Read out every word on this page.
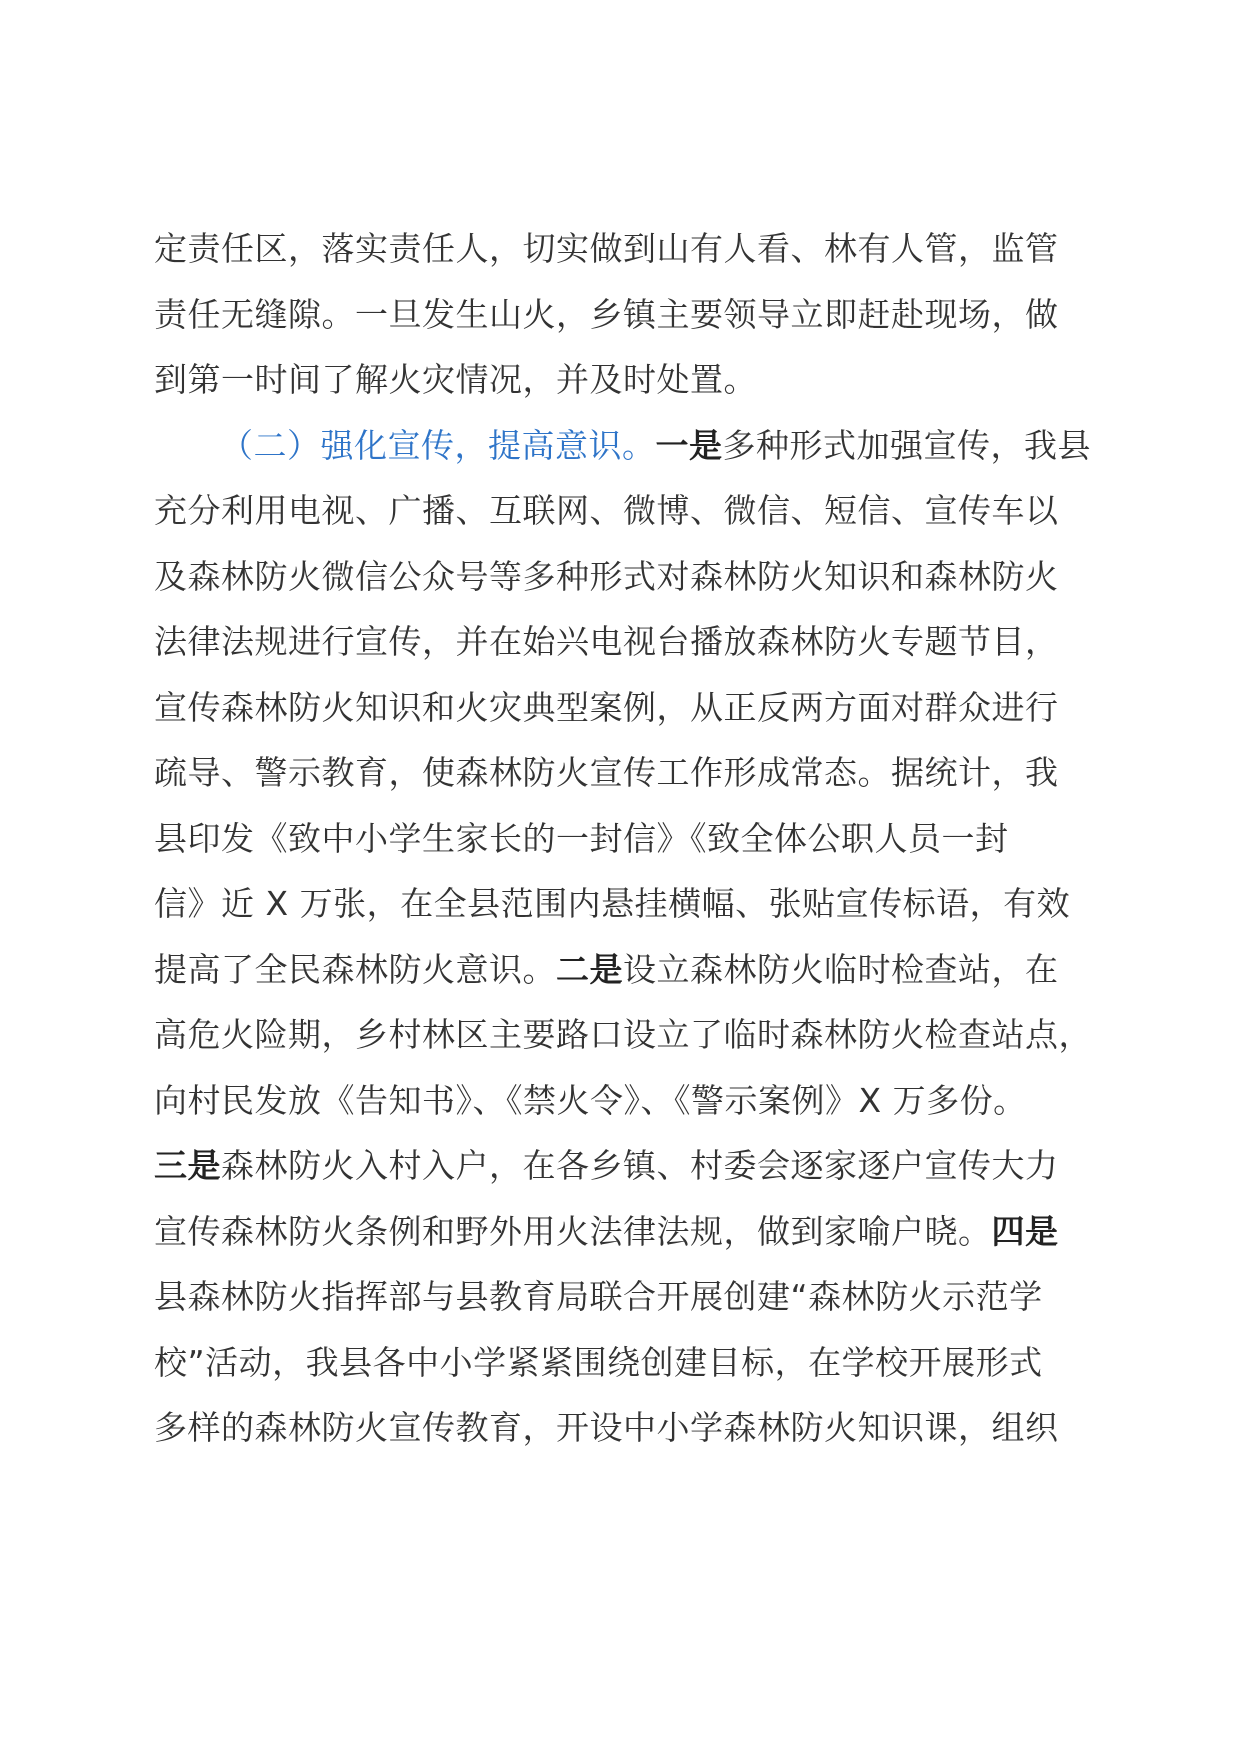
定责任区，落实责任人，切实做到山有人看、林有人管，监管
责任无缝隙。一旦发生山火，乡镇主要领导立即赶赴现场，做
到第一时间了解火灾情况，并及时处置。
（二）强化宣传，提高意识。一是多种形式加强宣传，我县
充分利用电视、广播、互联网、微博、微信、短信、宣传车以
及森林防火微信公众号等多种形式对森林防火知识和森林防火
法律法规进行宣传，并在始兴电视台播放森林防火专题节目，
宣传森林防火知识和火灾典型案例，从正反两方面对群众进行
疏导、警示教育，使森林防火宣传工作形成常态。据统计，我
县印发《致中小学生家长的一封信》《致全体公职人员一封
信》近 X 万张，在全县范围内悬挂横幅、张贴宣传标语，有效
提高了全民森林防火意识。二是设立森林防火临时检查站，在
高危火险期，乡村林区主要路口设立了临时森林防火检查站点，
向村民发放《告知书》、《禁火令》、《警示案例》X 万多份。
三是森林防火入村入户，在各乡镇、村委会逐家逐户宣传大力
宣传森林防火条例和野外用火法律法规，做到家喻户晓。四是
县森林防火指挥部与县教育局联合开展创建“森林防火示范学
校”活动，我县各中小学紧紧围绕创建目标，在学校开展形式
多样的森林防火宣传教育，开设中小学森林防火知识课，组织
